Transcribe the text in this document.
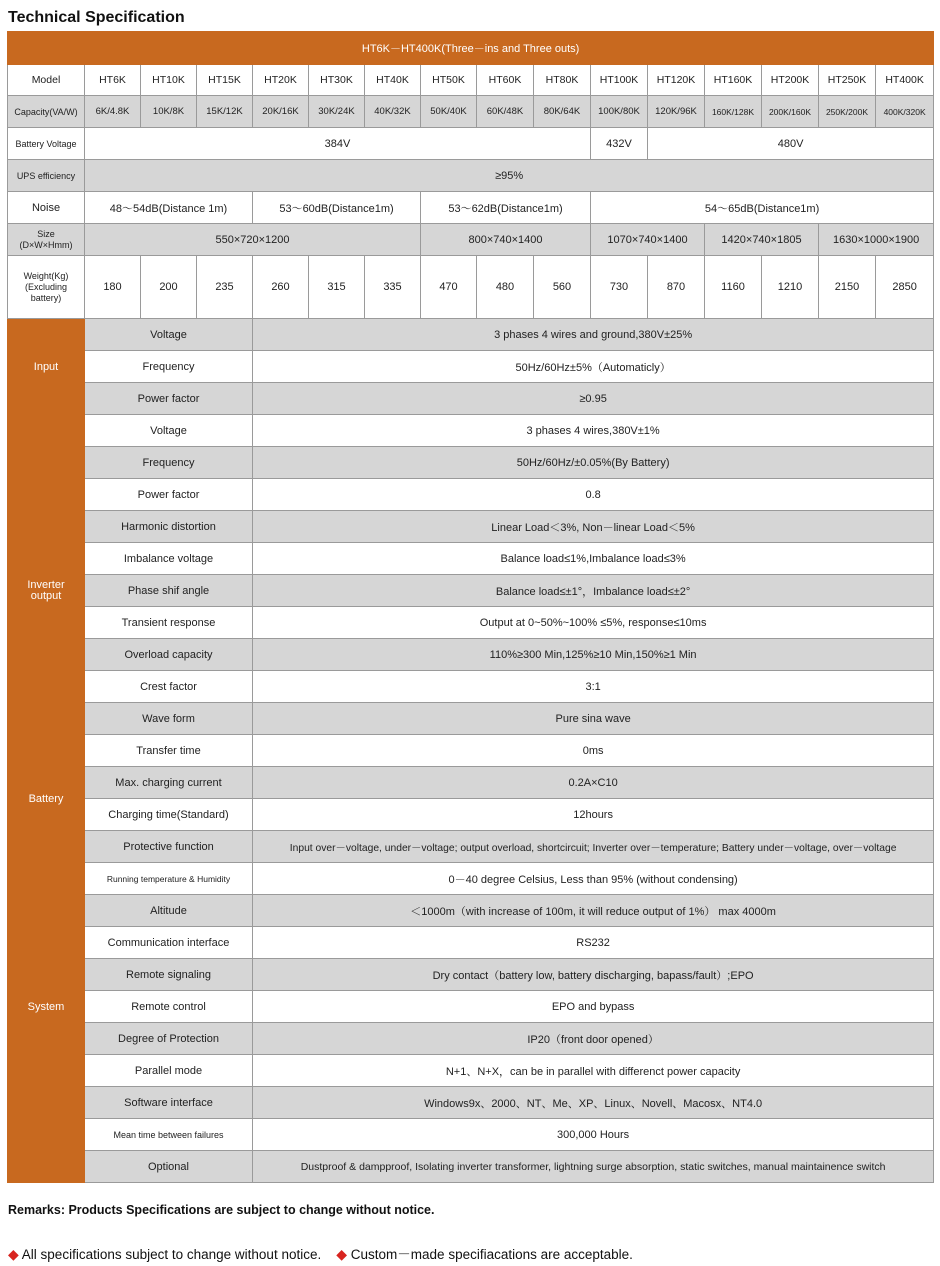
Technical Specification
HT6K－HT400K(Three－ins and Three outs)															
Model	HT6K	HT10K	HT15K	HT20K	HT30K	HT40K	HT50K	HT60K	HT80K	HT100K	HT120K	HT160K	HT200K	HT250K	HT400K
Capacity(VA/W)	6K/4.8K	10K/8K	15K/12K	20K/16K	30K/24K	40K/32K	50K/40K	60K/48K	80K/64K	100K/80K	120K/96K	160K/128K	200K/160K	250K/200K	400K/320K
Battery Voltage	384V									432V	480V				
UPS efficiency	≥95%														
Noise	48～54dB(Distance 1m)			53～60dB(Distance1m)			53～62dB(Distance1m)			54～65dB(Distance1m)					

Size
(D×W×Hmm)	550×720×1200						800×740×1400			1070×740×1400		1420×740×1805		1630×1000×1900	

Weight(Kg)
(Excluding
battery)	180	200	235	260	315	335	470	480	560	730	870	1160	1210	2150	2850
Input	Voltage			3 phases 4 wires and ground,380V±25%											
	Frequency			50Hz/60Hz±5%（Automaticly）											
	Power factor			≥0.95											

Inverter
output	Voltage			3 phases 4 wires,380V±1%											
	Frequency			50Hz/60Hz/±0.05%(By Battery)											
	Power factor			0.8											
	Harmonic distortion			Linear Load＜3%, Non－linear Load＜5%											
	Imbalance voltage			Balance load≤1%,Imbalance load≤3%											
	Phase shif angle			Balance load≤±1°，Imbalance load≤±2°											
	Transient response			Output at 0~50%~100% ≤5%, response≤10ms											
	Overload capacity			110%≥300 Min,125%≥10 Min,150%≥1 Min											
	Crest factor			3:1											
	Wave form			Pure sina wave											
	Transfer time			0ms											
Battery	Max. charging current			0.2A×C10											
	Charging time(Standard)			12hours											
System	Protective function			Input over－voltage, under－voltage; output overload, shortcircuit; Inverter over－temperature; Battery under－voltage, over－voltage											
	Running temperature & Humidity			0－40 degree Celsius, Less than 95% (without condensing)											
	Altitude			＜1000m（with increase of 100m, it will reduce output of 1%） max 4000m											
	Communication interface			RS232											
	Remote signaling			Dry contact（battery low, battery discharging, bapass/fault）;EPO											
	Remote control			EPO and bypass											
	Degree of Protection			IP20（front door opened）											
	Parallel mode			N+1、N+X，can be in parallel with differenct power capacity											
	Software interface			Windows9x、2000、NT、Me、XP、Linux、Novell、Macosx、NT4.0											
	Mean time between failures			300,000 Hours											
	Optional			Dustproof & dampproof, Isolating inverter transformer, lightning surge absorption, static switches, manual maintainence switch											
Remarks: Products Specifications are subject to change without notice.
◆ All specifications subject to change without notice. ◆ Custom－made specifiacations are acceptable.
